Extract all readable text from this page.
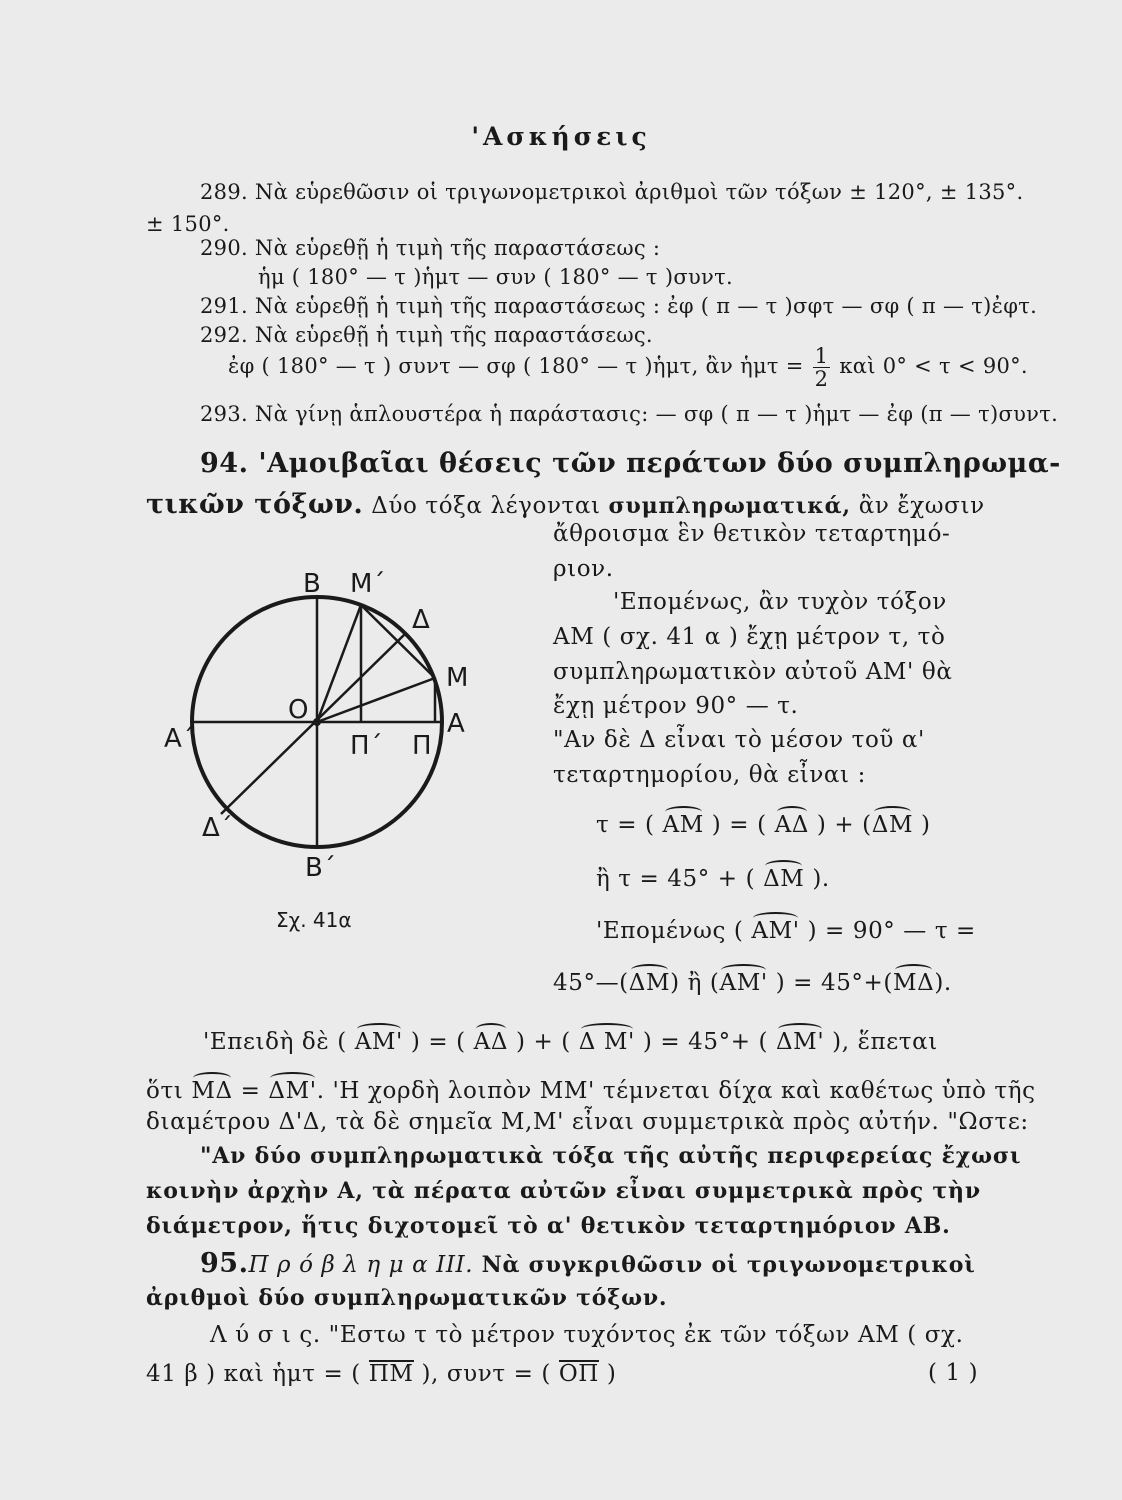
'Ασκήσεις
289. Νὰ εὑρεθῶσιν οἱ τριγωνομετρικοὶ ἀριθμοὶ τῶν τόξων ± 120°, ± 135°.
± 150°.
290. Νὰ εὑρεθῇ ἡ τιμὴ τῆς παραστάσεως :
ἡμ ( 180° — τ )ἡμτ — συν ( 180° — τ )συντ.
291. Νὰ εὑρεθῇ ἡ τιμὴ τῆς παραστάσεως : ἐφ ( π — τ )σφτ — σφ ( π — τ)ἐφτ.
292. Νὰ εὑρεθῇ ἡ τιμὴ τῆς παραστάσεως.
ἐφ ( 180° — τ ) συντ — σφ ( 180° — τ )ἡμτ, ἂν ἡμτ = $\frac{1}{2}$ καὶ 0° < τ < 90°.
293. Νὰ γίνῃ ἁπλουστέρα ἡ παράστασις: — σφ ( π — τ )ἡμτ — ἐφ (π — τ)συντ.
94. 'Αμοιβαῖαι θέσεις τῶν περάτων δύο συμπληρωμα-
τικῶν τόξων. Δύο τόξα λέγονται συμπληρωματικά, ἂν ἔχωσιν
ἄθροισμα ἓν θετικὸν τεταρτημό-
ριον.
'Επομένως, ἂν τυχὸν τόξον
ΑΜ ( σχ. 41 α ) ἔχῃ μέτρον τ, τὸ
συμπληρωματικὸν αὐτοῦ ΑΜ' θὰ
ἔχῃ μέτρον 90° — τ.
"Αν δὲ Δ εἶναι τὸ μέσον τοῦ α'
τεταρτημορίου, θὰ εἶναι :
τ = ( ΑΜ ) = ( ΑΔ ) + (ΔΜ )
ἢ τ = 45° + ( ΔΜ ).
'Επομένως ( ΑΜ' ) = 90° — τ =
45°—(ΔΜ) ἢ (ΑΜ' ) = 45°+(ΜΔ).
'Επειδὴ δὲ ( ΑΜ' ) = ( ΑΔ ) + ( Δ Μ' ) = 45°+ ( ΔΜ' ), ἕπεται
ὅτι ΜΔ = ΔΜ'. 'Η χορδὴ λοιπὸν ΜΜ' τέμνεται δίχα καὶ καθέτως ὑπὸ τῆς
διαμέτρου Δ'Δ, τὰ δὲ σημεῖα Μ,Μ' εἶναι συμμετρικὰ πρὸς αὐτήν. "Ωστε:
"Αν δύο συμπληρωματικὰ τόξα τῆς αὐτῆς περιφερείας ἔχωσι
κοινὴν ἀρχὴν Α, τὰ πέρατα αὐτῶν εἶναι συμμετρικὰ πρὸς τὴν
διάμετρον, ἥτις διχοτομεῖ τὸ α' θετικὸν τεταρτημόριον ΑΒ.
95.Π ρ ό β λ η μ α ΙΙΙ. Νὰ συγκριθῶσιν οἱ τριγωνομετρικοὶ
ἀριθμοὶ δύο συμπληρωματικῶν τόξων.
Λ ύ σ ι ς. "Εστω τ τὸ μέτρον τυχόντος ἐκ τῶν τόξων ΑΜ ( σχ.
41 β ) καὶ ἡμτ = ( ΠΜ ), συντ = ( ΟΠ )	( 1 )
Β Μ΄
Δ
Μ
Ο	Α
Α΄	Π΄ Π
Δ΄
Β΄
Σχ. 41α
